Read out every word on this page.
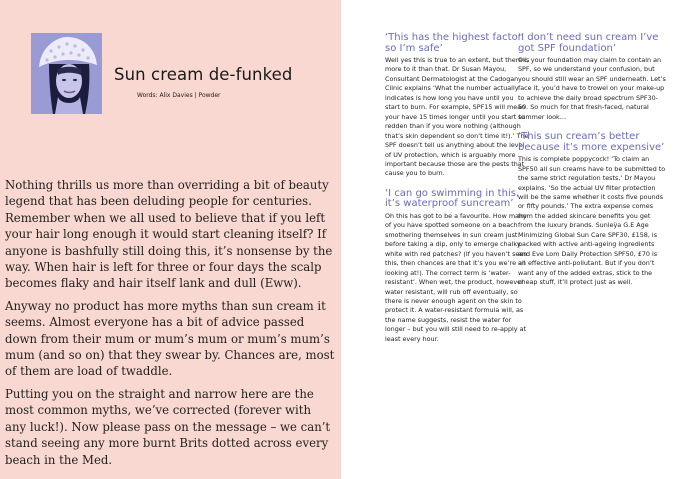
Sun cream de-funked
Words: Alix Davies | Powder

Nothing thrills us more than overriding a bit of beauty legend that has been deluding people for centuries. Remember when we all used to believe that if you left your hair long enough it would start cleaning itself? If anyone is bashfully still doing this, it’s nonsense by the way. When hair is left for three or four days the scalp becomes flaky and hair itself lank and dull (Eww).

Anyway no product has more myths than sun cream it seems. Almost everyone has a bit of advice passed down from their mum or mum’s mum or mum’s mum’s mum (and so on) that they swear by. Chances are, most of them are load of twaddle.

Putting you on the straight and narrow here are the most common myths, we’ve corrected (forever with any luck!). Now please pass on the message – we can’t stand seeing any more burnt Brits dotted across every beach in the Med.

‘This has the highest factor so I’m safe’
Well yes this is true to an extent, but there is more to it than that. Dr Susan Mayou, Consultant Dermatologist at the Cadogan Clinic explains ‘What the number actually indicates is how long you have until you start to burn. For example, SPF15 will mean your have 15 times longer until you start to redden than if you wore nothing (although that’s skin dependent so don’t time it!).’ The SPF doesn’t tell us anything about the level of UV protection, which is arguably more important because those are the pests that cause you to burn.
‘I can go swimming in this, it’s waterproof suncream’
Oh this has got to be a favourite. How many of you have spotted someone on a beach smothering themselves in sun cream just before taking a dip, only to emerge chalky white with red patches? (If you haven’t seen this, then chances are that it’s you we’re all looking at!). The correct term is ‘water-resistant’. When wet, the product, however water resistant, will rub off eventually, so there is never enough agent on the skin to protect it. A water-resistant formula will, as the name suggests, resist the water for longer – but you will still need to re-apply at least every hour.
‘I don’t need sun cream I’ve got SPF foundation’
Ok, your foundation may claim to contain an SPF, so we understand your confusion, but you should still wear an SPF underneath. Let’s face it, you’d have to trowel on your make-up to achieve the daily broad spectrum SPF30-50. So much for that fresh-faced, natural summer look…
‘This sun cream’s better because it’s more expensive’
This is complete poppycock! ‘To claim an SPF50 all sun creams have to be submitted to the same strict regulation tests,’ Dr Mayou explains. ‘So the actual UV filter protection will be the same whether it costs five pounds or fifty pounds.’ The extra expense comes from the added skincare benefits you get from the luxury brands. Sunleÿa G.E Age Minimizing Global Sun Care SPF30, £158, is packed with active anti-ageing ingredients and Eve Lom Daily Protection SPF50, £70 is an effective anti-pollutant. But if you don’t want any of the added extras, stick to the cheap stuff, it’ll protect just as well.
